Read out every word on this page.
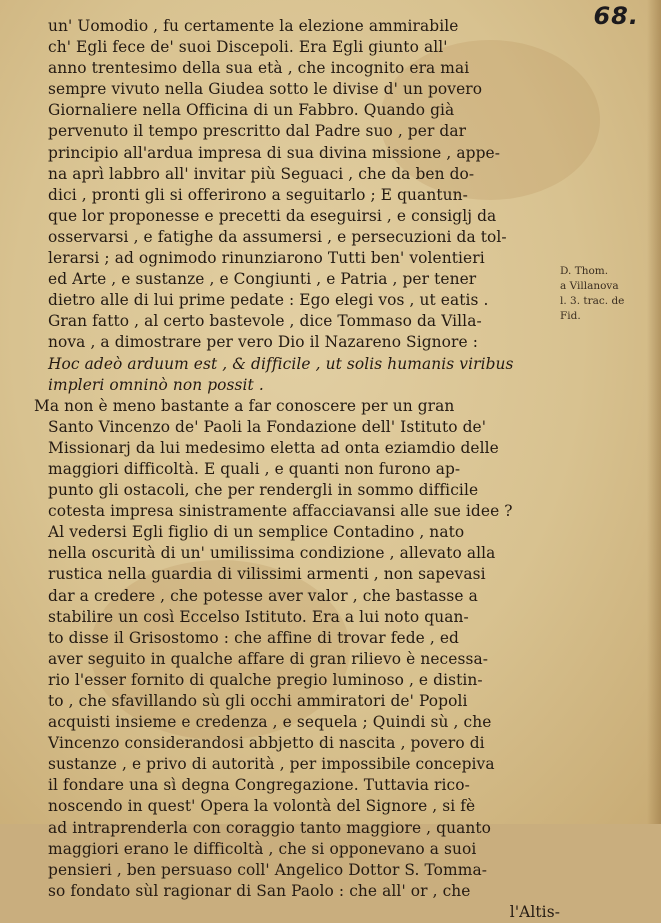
68.
un' Uomodio , fu certamente la elezione ammirabile
ch' Egli fece de' suoi Discepoli. Era Egli giunto all'
anno trentesimo della sua età , che incognito era mai
sempre vivuto nella Giudea sotto le divise d' un povero
Giornaliere nella Officina di un Fabbro. Quando già
pervenuto il tempo prescritto dal Padre suo , per dar
principio all'ardua impresa di sua divina missione , appe-
na aprì labbro all' invitar più Seguaci , che da ben do-
dici , pronti gli si offerirono a seguitarlo ; E quantun-
que lor proponesse e precetti da eseguirsi , e consiglj da
osservarsi , e fatighe da assumersi , e persecuzioni da tol-
lerarsi ; ad ognimodo rinunziarono Tutti ben' volentieri
ed Arte , e sustanze , e Congiunti , e Patria , per tener
dietro alle di lui prime pedate : Ego elegi vos , ut eatis .
Gran fatto , al certo bastevole , dice Tommaso da Villa-
nova , a dimostrare per vero Dio il Nazareno Signore :
Hoc adeò arduum est , & difficile , ut solis humanis viribus
impleri omninò non possit .
Ma non è meno bastante a far conoscere per un gran
Santo Vincenzo de' Paoli la Fondazione dell' Istituto de'
Missionarj da lui medesimo eletta ad onta eziamdio delle
maggiori difficoltà. E quali , e quanti non furono ap-
punto gli ostacoli, che per rendergli in sommo difficile
cotesta impresa sinistramente affacciavansi alle sue idee ?
Al vedersi Egli figlio di un semplice Contadino , nato
nella oscurità di un' umilissima condizione , allevato alla
rustica nella guardia di vilissimi armenti , non sapevasi
dar a credere , che potesse aver valor , che bastasse a
stabilire un così Eccelso Istituto. Era a lui noto quan-
to disse il Grisostomo : che affine di trovar fede , ed
aver seguito in qualche affare di gran rilievo è necessa-
rio l'esser fornito di qualche pregio luminoso , e distin-
to , che sfavillando sù gli occhi ammiratori de' Popoli
acquisti insieme e credenza , e sequela ; Quindi sù , che
Vincenzo considerandosi abbjetto di nascita , povero di
sustanze , e privo di autorità , per impossibile concepiva
il fondare una sì degna Congregazione. Tuttavia rico-
noscendo in quest' Opera la volontà del Signore , si fè
ad intraprenderla con coraggio tanto maggiore , quanto
maggiori erano le difficoltà , che si opponevano a suoi
pensieri , ben persuaso coll' Angelico Dottor S. Tomma-
so fondato sùl ragionar di San Paolo : che all' or , che
l'Altis-
D. Thom.
a Villanova
l. 3. trac. de
Fid.
